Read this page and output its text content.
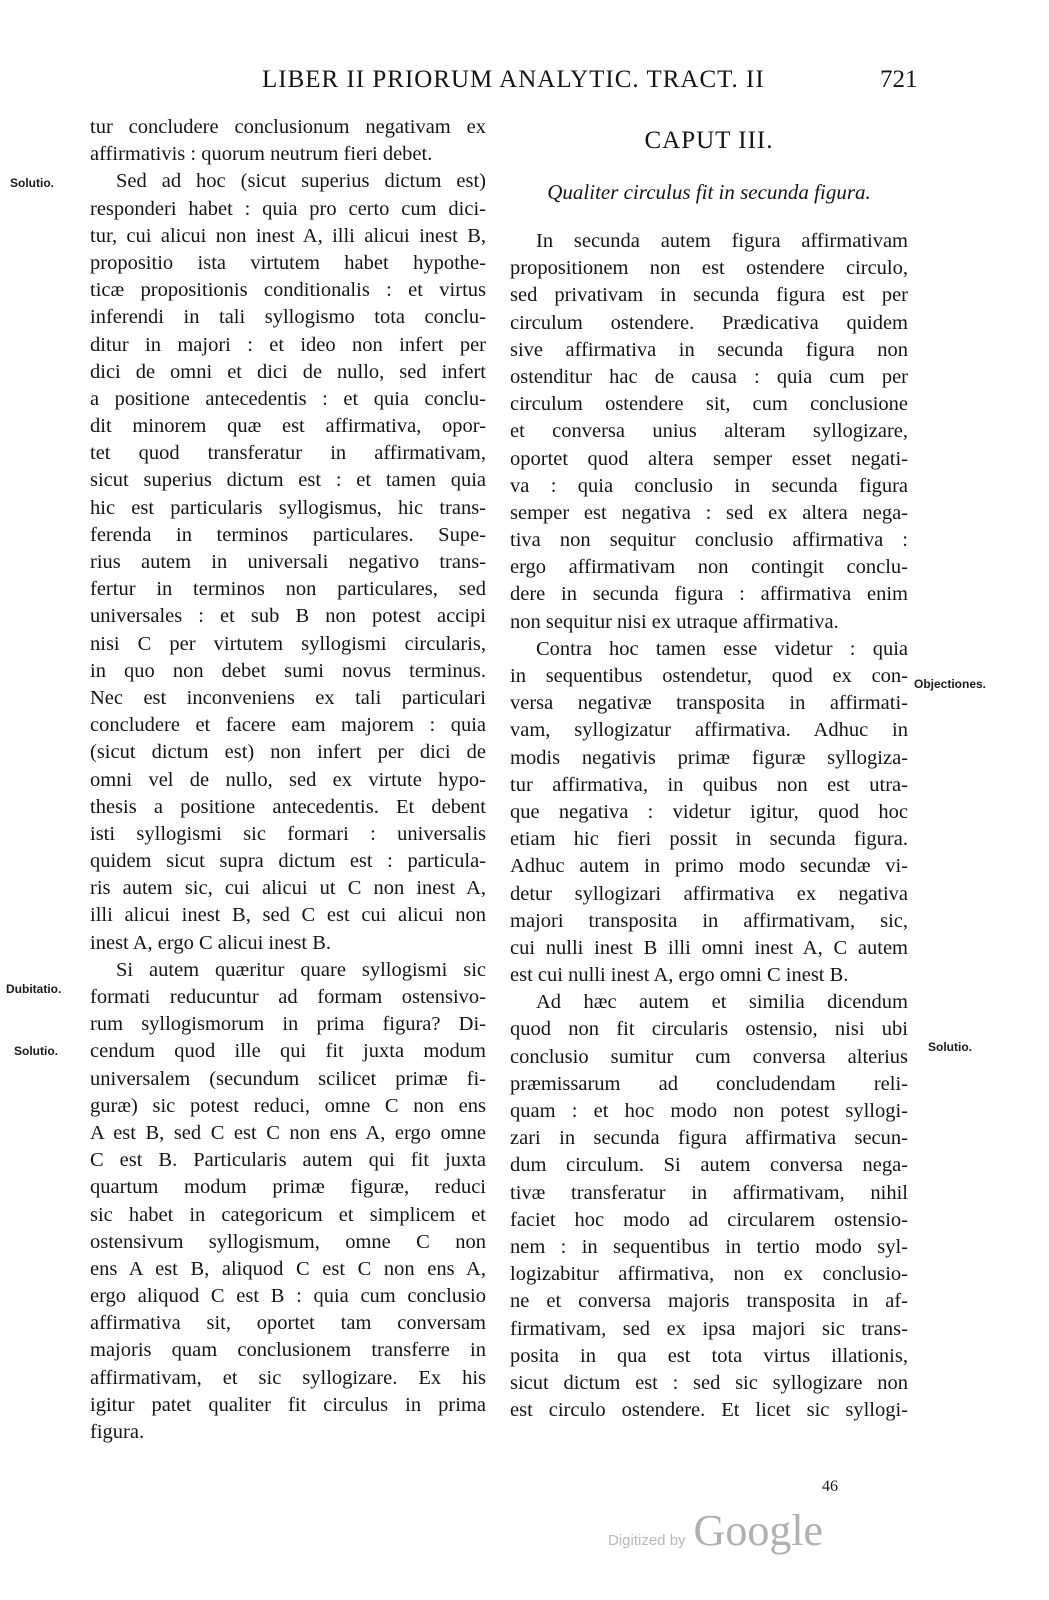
LIBER II PRIORUM ANALYTIC. TRACT. II	721
Solutio.
Dubitatio.
Solutio.
Objectiones.
Solutio.
tur concludere conclusionum negativam ex
affirmativis : quorum neutrum fieri debet.
Sed ad hoc (sicut superius dictum est)
responderi habet : quia pro certo cum dici-
tur, cui alicui non inest A, illi alicui inest B,
propositio ista virtutem habet hypothe-
ticæ propositionis conditionalis : et virtus
inferendi in tali syllogismo tota conclu-
ditur in majori : et ideo non infert per
dici de omni et dici de nullo, sed infert
a positione antecedentis : et quia conclu-
dit minorem quæ est affirmativa, opor-
tet quod transferatur in affirmativam,
sicut superius dictum est : et tamen quia
hic est particularis syllogismus, hic trans-
ferenda in terminos particulares. Supe-
rius autem in universali negativo trans-
fertur in terminos non particulares, sed
universales : et sub B non potest accipi
nisi C per virtutem syllogismi circularis,
in quo non debet sumi novus terminus.
Nec est inconveniens ex tali particulari
concludere et facere eam majorem : quia
(sicut dictum est) non infert per dici de
omni vel de nullo, sed ex virtute hypo-
thesis a positione antecedentis. Et debent
isti syllogismi sic formari : universalis
quidem sicut supra dictum est : particula-
ris autem sic, cui alicui ut C non inest A,
illi alicui inest B, sed C est cui alicui non
inest A, ergo C alicui inest B.
Si autem quæritur quare syllogismi sic
formati reducuntur ad formam ostensivo-
rum syllogismorum in prima figura? Di-
cendum quod ille qui fit juxta modum
universalem (secundum scilicet primæ fi-
guræ) sic potest reduci, omne C non ens
A est B, sed C est C non ens A, ergo omne
C est B. Particularis autem qui fit juxta
quartum modum primæ figuræ, reduci
sic habet in categoricum et simplicem et
ostensivum syllogismum, omne C non
ens A est B, aliquod C est C non ens A,
ergo aliquod C est B : quia cum conclusio
affirmativa sit, oportet tam conversam
majoris quam conclusionem transferre in
affirmativam, et sic syllogizare. Ex his
igitur patet qualiter fit circulus in prima
figura.
CAPUT III.
Qualiter circulus fit in secunda figura.
In secunda autem figura affirmativam
propositionem non est ostendere circulo,
sed privativam in secunda figura est per
circulum ostendere. Prædicativa quidem
sive affirmativa in secunda figura non
ostenditur hac de causa : quia cum per
circulum ostendere sit, cum conclusione
et conversa unius alteram syllogizare,
oportet quod altera semper esset negati-
va : quia conclusio in secunda figura
semper est negativa : sed ex altera nega-
tiva non sequitur conclusio affirmativa :
ergo affirmativam non contingit conclu-
dere in secunda figura : affirmativa enim
non sequitur nisi ex utraque affirmativa.
Contra hoc tamen esse videtur : quia
in sequentibus ostendetur, quod ex con-
versa negativæ transposita in affirmati-
vam, syllogizatur affirmativa. Adhuc in
modis negativis primæ figuræ syllogiza-
tur affirmativa, in quibus non est utra-
que negativa : videtur igitur, quod hoc
etiam hic fieri possit in secunda figura.
Adhuc autem in primo modo secundæ vi-
detur syllogizari affirmativa ex negativa
majori transposita in affirmativam, sic,
cui nulli inest B illi omni inest A, C autem
est cui nulli inest A, ergo omni C inest B.
Ad hæc autem et similia dicendum
quod non fit circularis ostensio, nisi ubi
conclusio sumitur cum conversa alterius
præmissarum ad concludendam reli-
quam : et hoc modo non potest syllogi-
zari in secunda figura affirmativa secun-
dum circulum. Si autem conversa nega-
tivæ transferatur in affirmativam, nihil
faciet hoc modo ad circularem ostensio-
nem : in sequentibus in tertio modo syl-
logizabitur affirmativa, non ex conclusio-
ne et conversa majoris transposita in af-
firmativam, sed ex ipsa majori sic trans-
posita in qua est tota virtus illationis,
sicut dictum est : sed sic syllogizare non
est circulo ostendere. Et licet sic syllogi-
46
Digitized by Google
